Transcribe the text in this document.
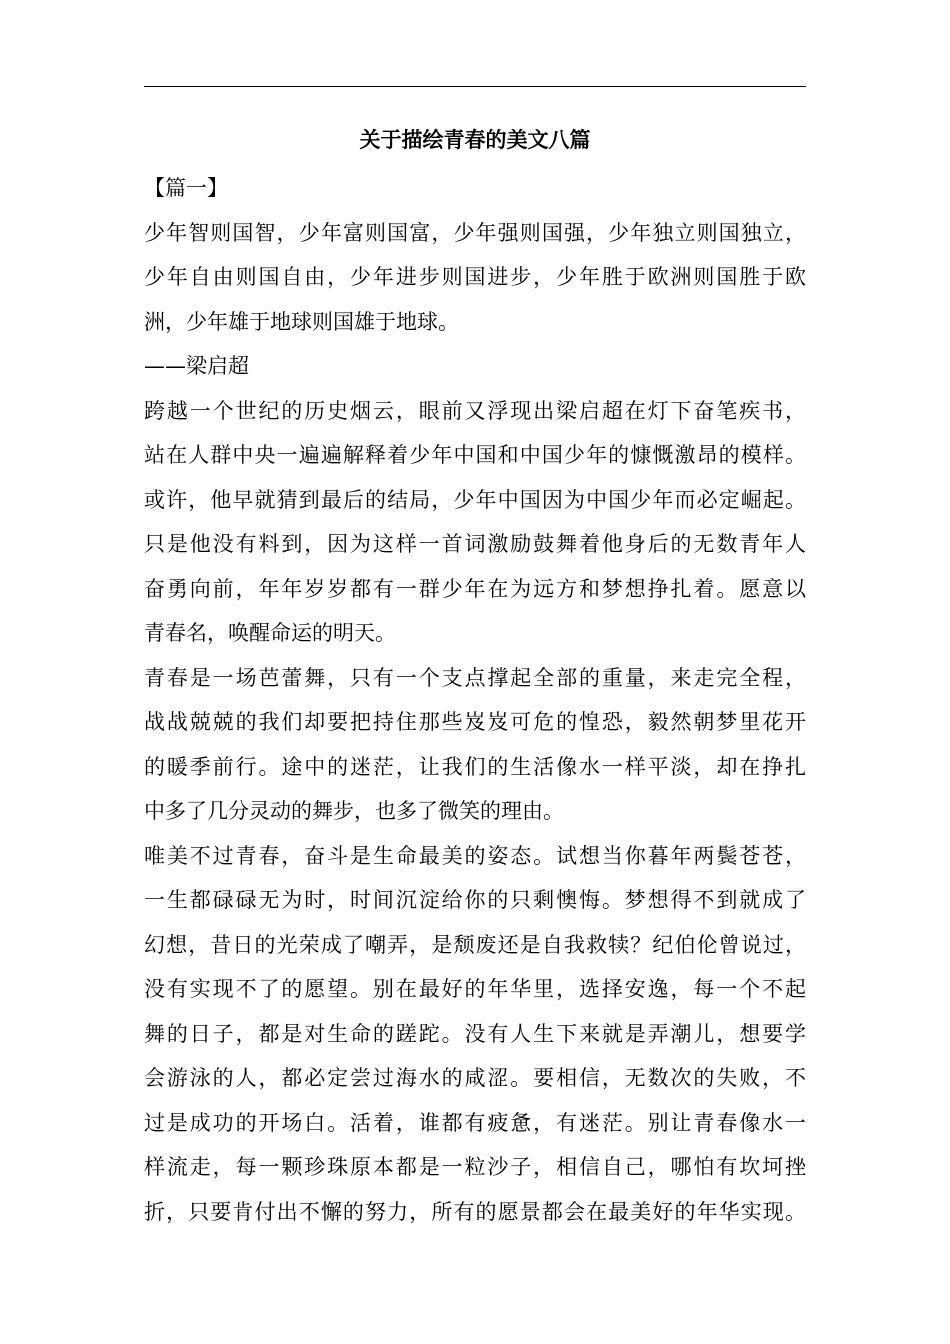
关于描绘青春的美文八篇
【篇一】
少年智则国智，少年富则国富，少年强则国强，少年独立则国独立，
少年自由则国自由，少年进步则国进步，少年胜于欧洲则国胜于欧
洲，少年雄于地球则国雄于地球。
——梁启超
跨越一个世纪的历史烟云，眼前又浮现出梁启超在灯下奋笔疾书，
站在人群中央一遍遍解释着少年中国和中国少年的慷慨激昂的模样。
或许，他早就猜到最后的结局，少年中国因为中国少年而必定崛起。
只是他没有料到，因为这样一首词激励鼓舞着他身后的无数青年人
奋勇向前，年年岁岁都有一群少年在为远方和梦想挣扎着。愿意以
青春名，唤醒命运的明天。
青春是一场芭蕾舞，只有一个支点撑起全部的重量，来走完全程，
战战兢兢的我们却要把持住那些岌岌可危的惶恐，毅然朝梦里花开
的暖季前行。途中的迷茫，让我们的生活像水一样平淡，却在挣扎
中多了几分灵动的舞步，也多了微笑的理由。
唯美不过青春，奋斗是生命最美的姿态。试想当你暮年两鬓苍苍，
一生都碌碌无为时，时间沉淀给你的只剩懊悔。梦想得不到就成了
幻想，昔日的光荣成了嘲弄，是颓废还是自我救犊？纪伯伦曾说过，
没有实现不了的愿望。别在最好的年华里，选择安逸，每一个不起
舞的日子，都是对生命的蹉跎。没有人生下来就是弄潮儿，想要学
会游泳的人，都必定尝过海水的咸涩。要相信，无数次的失败，不
过是成功的开场白。活着，谁都有疲惫，有迷茫。别让青春像水一
样流走，每一颗珍珠原本都是一粒沙子，相信自己，哪怕有坎坷挫
折，只要肯付出不懈的努力，所有的愿景都会在最美好的年华实现。
